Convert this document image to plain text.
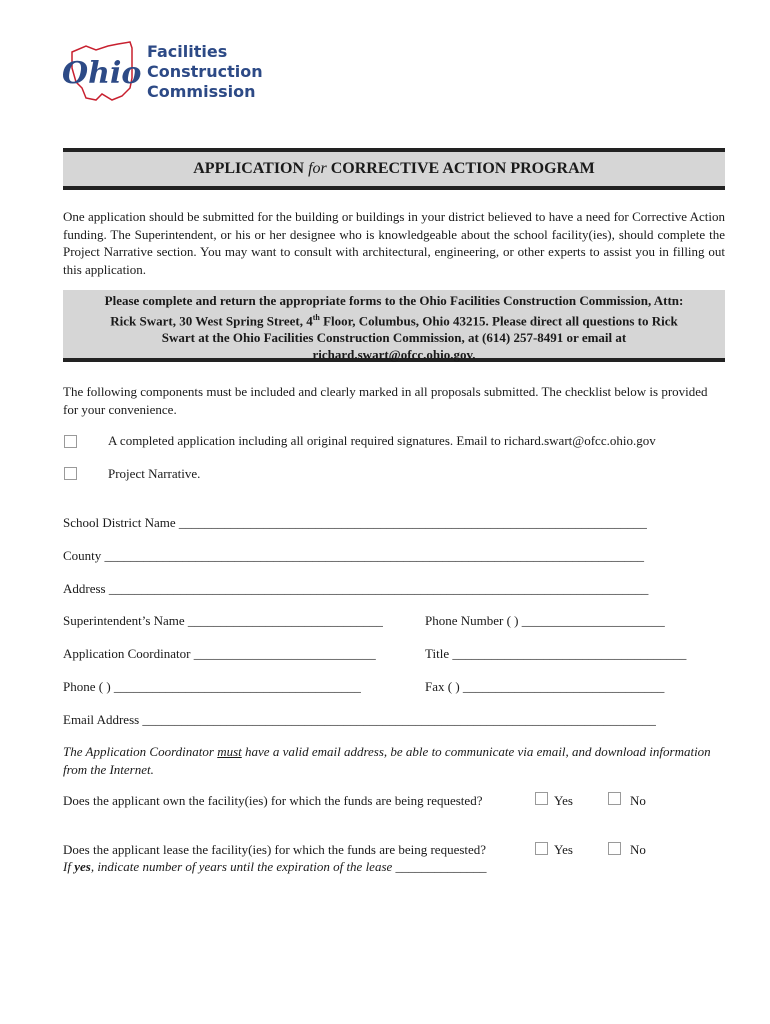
Ohio
Facilities
Construction
Commission
APPLICATION for CORRECTIVE ACTION PROGRAM
One application should be submitted for the building or buildings in your district believed to have a need for Corrective Action funding. The Superintendent, or his or her designee who is knowledgeable about the school facility(ies), should complete the Project Narrative section. You may want to consult with architectural, engineering, or other experts to assist you in filling out this application.
Please complete and return the appropriate forms to the Ohio Facilities Construction Commission, Attn:
Rick Swart, 30 West Spring Street, 4th Floor, Columbus, Ohio 43215. Please direct all questions to Rick
Swart at the Ohio Facilities Construction Commission, at (614) 257-8491 or email at
richard.swart@ofcc.ohio.gov.
The following components must be included and clearly marked in all proposals submitted. The checklist below is provided for your convenience.
A completed application including all original required signatures. Email to richard.swart@ofcc.ohio.gov
Project Narrative.
School District Name ________________________________________________________________________
County ___________________________________________________________________________________
Address ___________________________________________________________________________________
Superintendent’s Name ______________________________	Phone Number ( ) ______________________
Application Coordinator ____________________________	Title ____________________________________
Phone ( ) ______________________________________	Fax ( ) _______________________________
Email Address _______________________________________________________________________________
The Application Coordinator must have a valid email address, be able to communicate via email, and download information from the Internet.
Does the applicant own the facility(ies) for which the funds are being requested?	Yes	No
Does the applicant lease the facility(ies) for which the funds are being requested?	Yes	No
If yes, indicate number of years until the expiration of the lease ______________
